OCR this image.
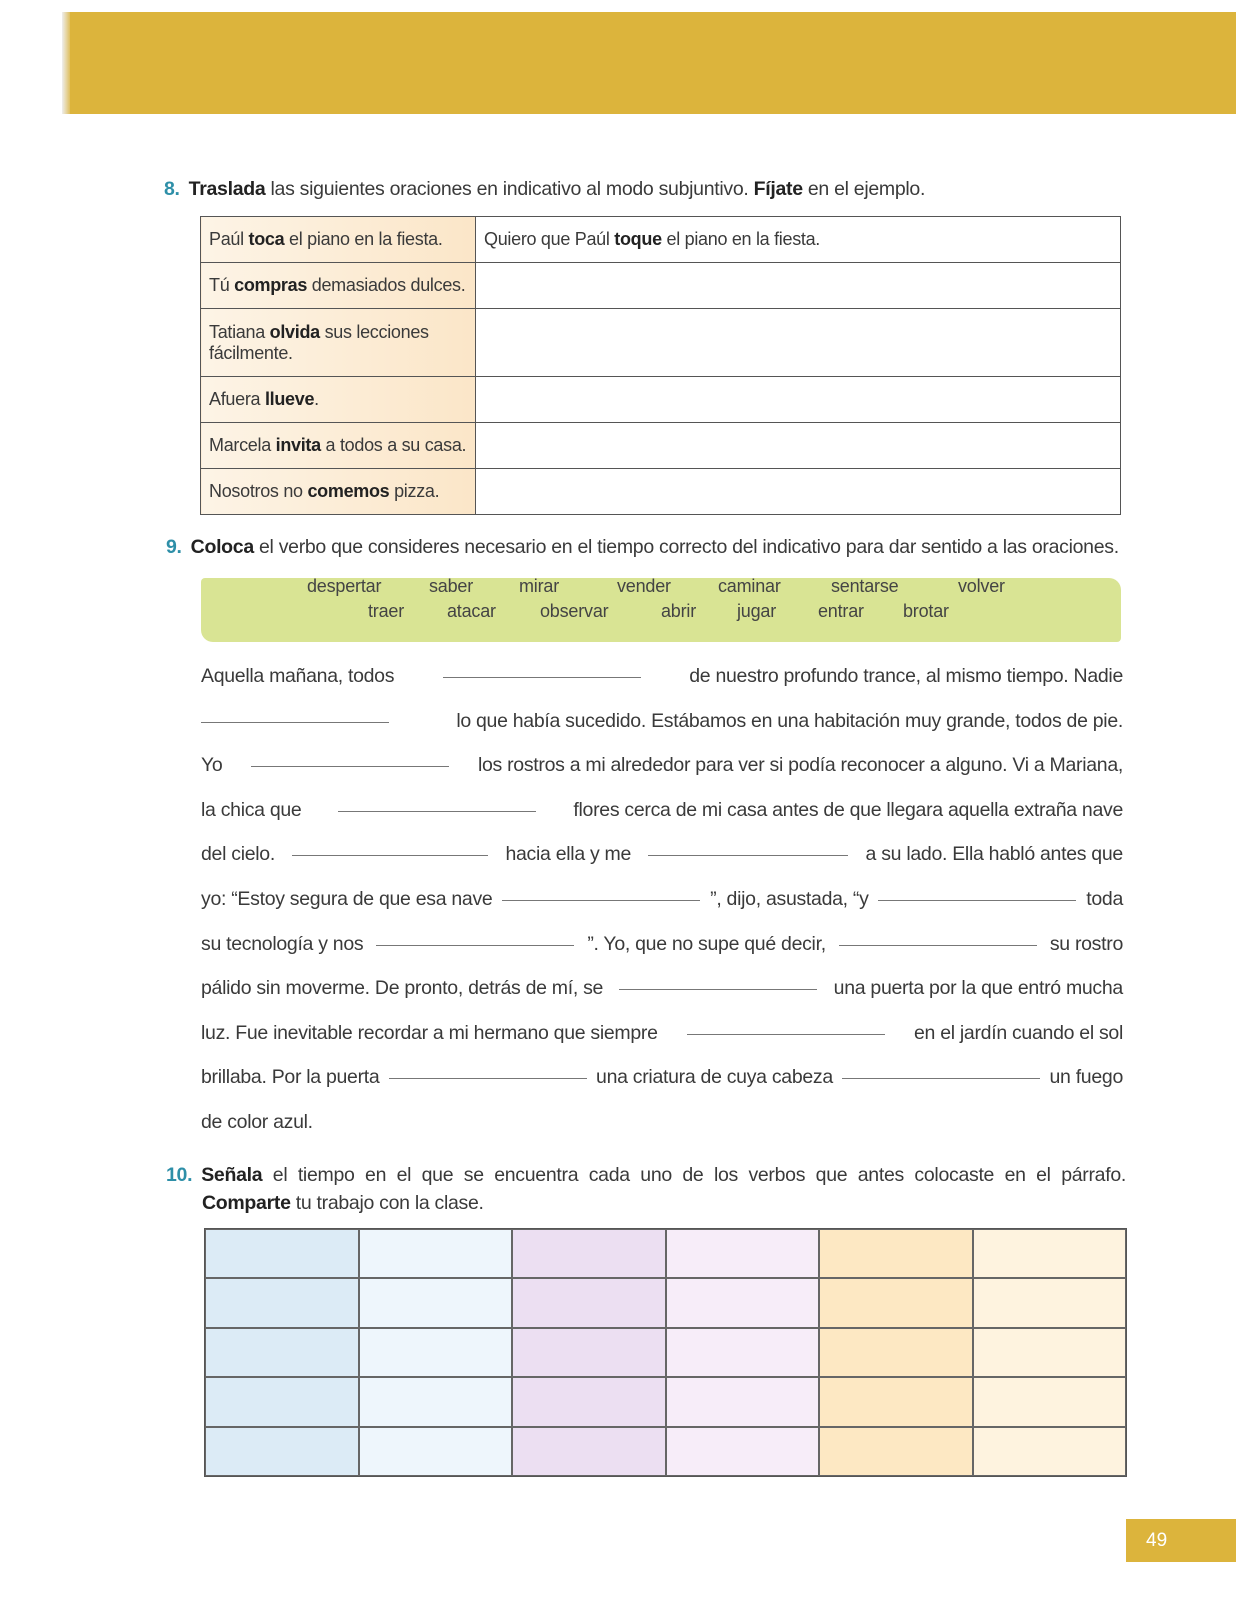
8. Traslada las siguientes oraciones en indicativo al modo subjuntivo. Fíjate en el ejemplo.
Paúl toca el piano en la fiesta.	Quiero que Paúl toque el piano en la fiesta.
Tú compras demasiados dulces.	
Tatiana olvida sus lecciones fácilmente.	
Afuera llueve.	
Marcela invita a todos a su casa.	
Nosotros no comemos pizza.	
9. Coloca el verbo que consideres necesario en el tiempo correcto del indicativo para dar sentido a las oraciones.
despertar	saber	mirar	vender	caminar	sentarse	volver
traer atacar observar	abrir jugar entrar brotar
Aquella mañana, todos	de nuestro profundo trance, al mismo tiempo. Nadie
lo que había sucedido. Estábamos en una habitación muy grande, todos de pie.
Yo	los rostros a mi alrededor para ver si podía reconocer a alguno. Vi a Mariana,
la chica que	flores cerca de mi casa antes de que llegara aquella extraña nave
del cielo.	hacia ella y me	a su lado. Ella habló antes que
yo: “Estoy segura de que esa nave	”, dijo, asustada, “y	toda
su tecnología y nos	”. Yo, que no supe qué decir,	su rostro
pálido sin moverme. De pronto, detrás de mí, se	una puerta por la que entró mucha
luz. Fue inevitable recordar a mi hermano que siempre	en el jardín cuando el sol
brillaba. Por la puerta	una criatura de cuya cabeza	un fuego
de color azul.
10. Señala el tiempo en el que se encuentra cada uno de los verbos que antes colocaste en el párrafo.
Comparte tu trabajo con la clase.
49
